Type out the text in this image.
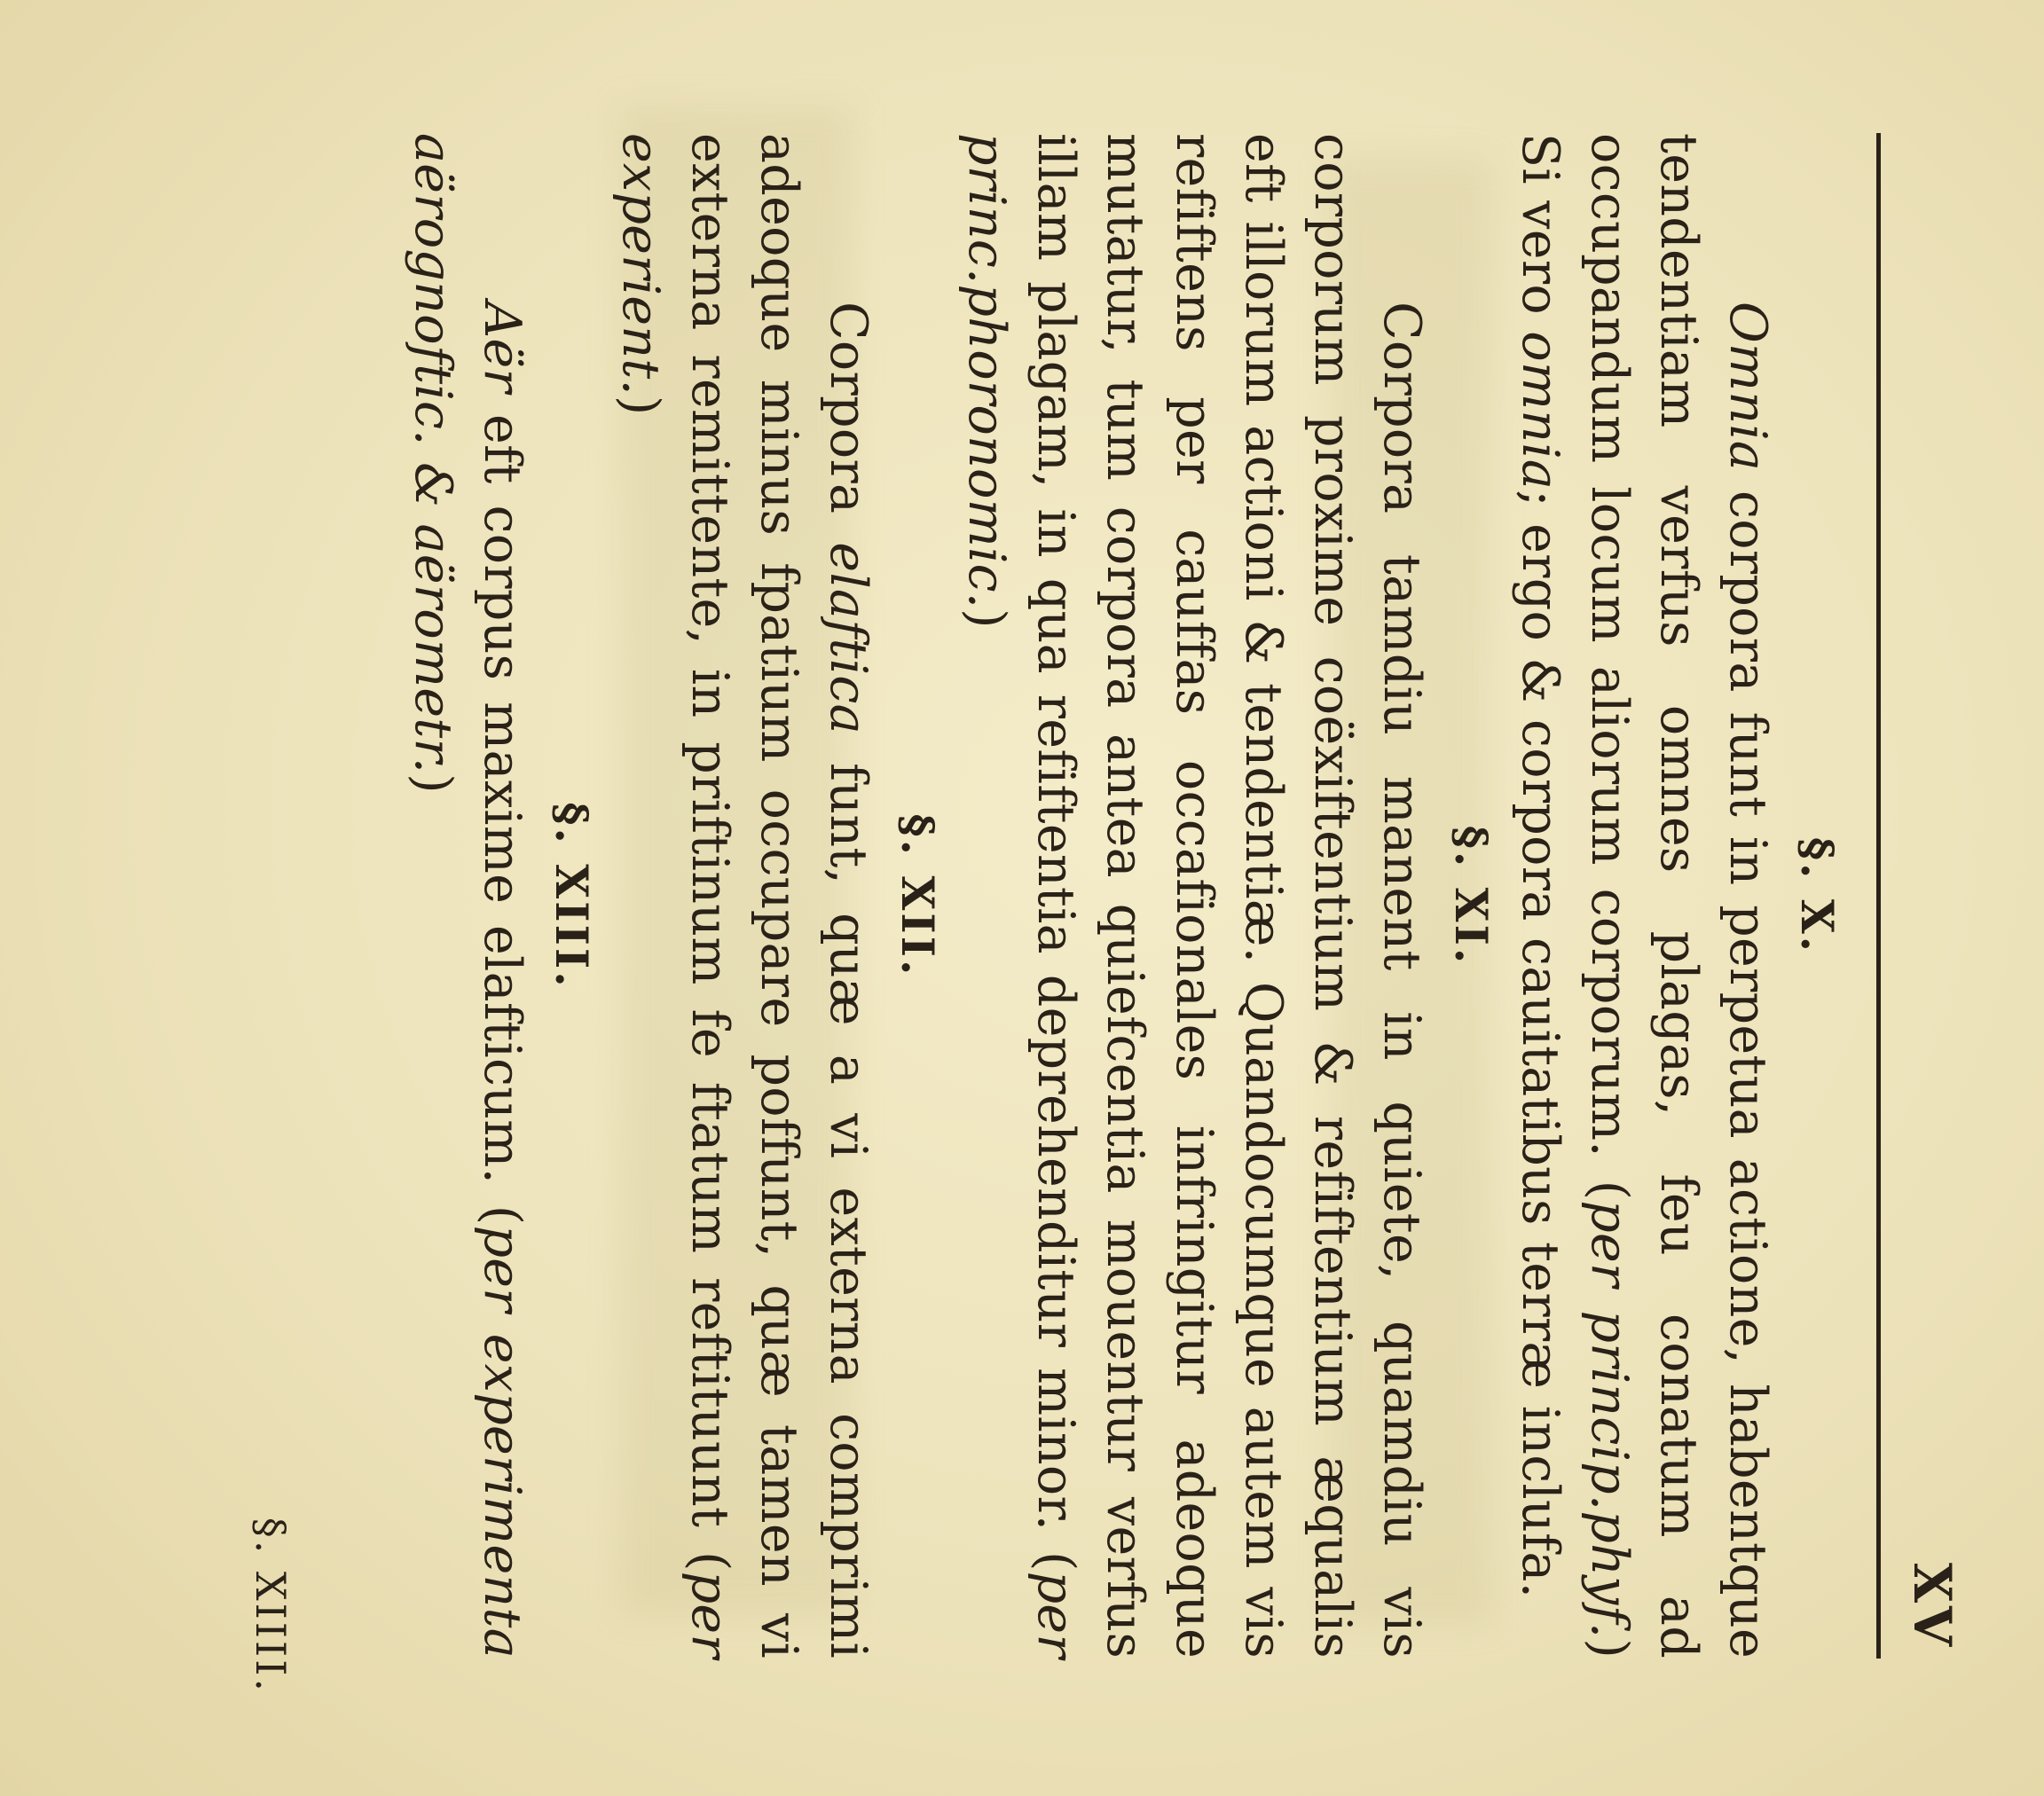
XV
§. X.

Omnia corpora funt in perpetua actione, habentque tendentiam verfus omnes plagas, feu conatum ad occupandum locum aliorum corporum. (per princip.phyf.) Si vero omnia; ergo & corpora cauitatibus terræ inclufa.

§. XI.

Corpora tamdiu manent in quiete, quamdiu vis corporum proxime coëxiftentium & refiftentium æqualis eft illorum actioni & tendentiæ. Quandocumque autem vis refiftens per cauffas occafionales infringitur adeoque mutatur, tum corpora antea quiefcentia mouentur verfus illam plagam, in qua refiftentia deprehenditur minor. (per princ.phoronomic.)

§. XII.

Corpora elaftica funt, quæ a vi externa comprimi adeoque minus fpatium occupare poffunt, quæ tamen vi externa remittente, in priftinum fe ftatum reftituunt (per experient.)

§. XIII.

Aër eft corpus maxime elafticum. (per experimenta aërognoftic. & aërometr.)

§. XIIII.
